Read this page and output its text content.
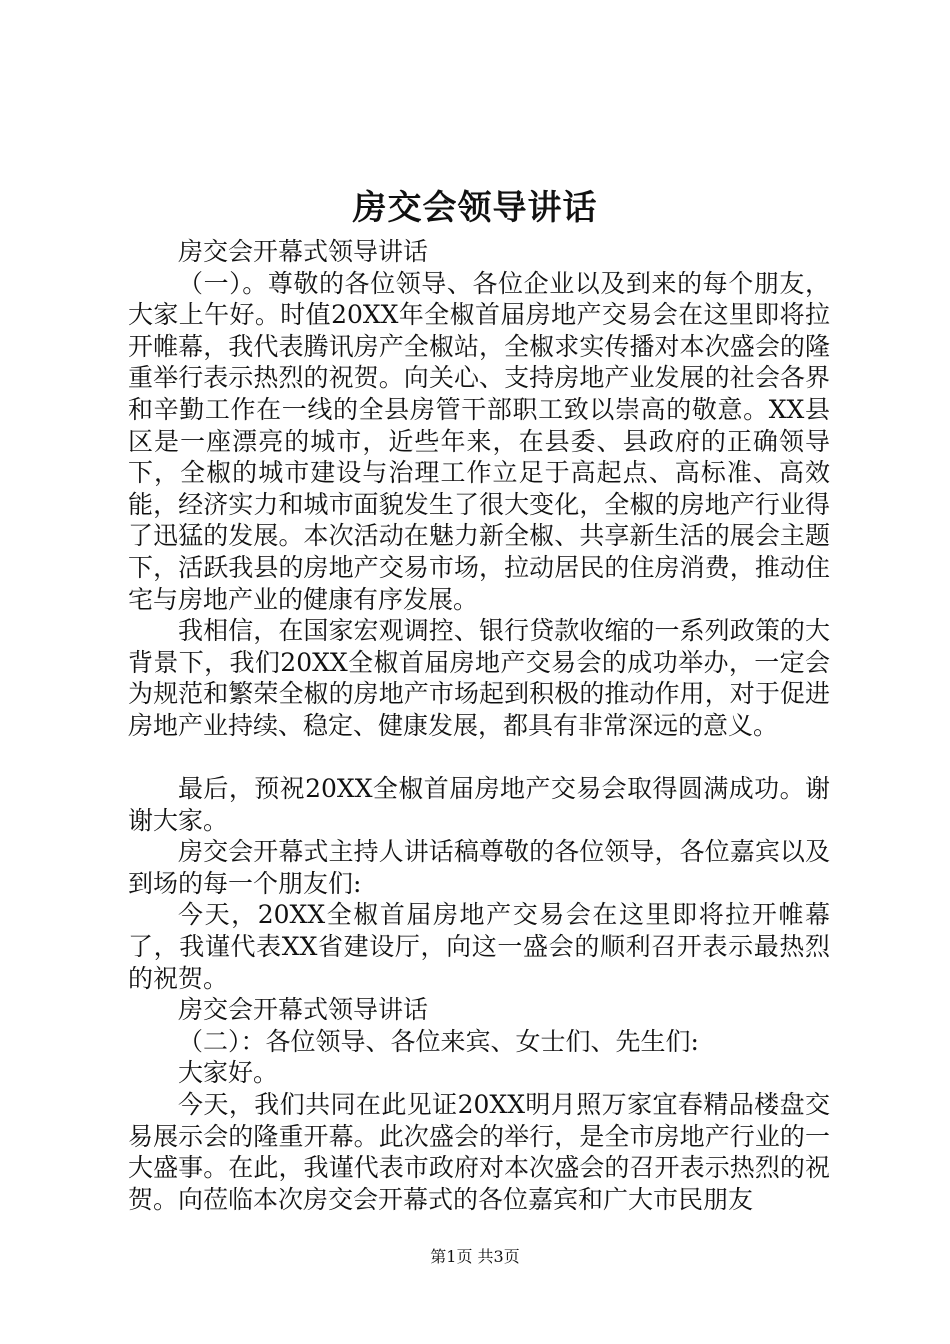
房交会领导讲话

房交会开幕式领导讲话

（一）。尊敬的各位领导、各位企业以及到来的每个朋友，大家上午好。时值20XX年全椒首届房地产交易会在这里即将拉开帷幕，我代表腾讯房产全椒站，全椒求实传播对本次盛会的隆重举行表示热烈的祝贺。向关心、支持房地产业发展的社会各界和辛勤工作在一线的全县房管干部职工致以崇高的敬意。XX县区是一座漂亮的城市，近些年来，在县委、县政府的正确领导下，全椒的城市建设与治理工作立足于高起点、高标准、高效能，经济实力和城市面貌发生了很大变化，全椒的房地产行业得了迅猛的发展。本次活动在魅力新全椒、共享新生活的展会主题下，活跃我县的房地产交易市场，拉动居民的住房消费，推动住宅与房地产业的健康有序发展。

我相信，在国家宏观调控、银行贷款收缩的一系列政策的大背景下，我们20XX全椒首届房地产交易会的成功举办，一定会为规范和繁荣全椒的房地产市场起到积极的推动作用，对于促进房地产业持续、稳定、健康发展，都具有非常深远的意义。

最后，预祝20XX全椒首届房地产交易会取得圆满成功。谢谢大家。

房交会开幕式主持人讲话稿尊敬的各位领导，各位嘉宾以及到场的每一个朋友们:

今天，20XX全椒首届房地产交易会在这里即将拉开帷幕了，我谨代表XX省建设厅，向这一盛会的顺利召开表示最热烈的祝贺。

房交会开幕式领导讲话

（二）：各位领导、各位来宾、女士们、先生们:

大家好。

今天，我们共同在此见证20XX明月照万家宜春精品楼盘交易展示会的隆重开幕。此次盛会的举行，是全市房地产行业的一大盛事。在此，我谨代表市政府对本次盛会的召开表示热烈的祝贺。向莅临本次房交会开幕式的各位嘉宾和广大市民朋友

第1页 共3页
